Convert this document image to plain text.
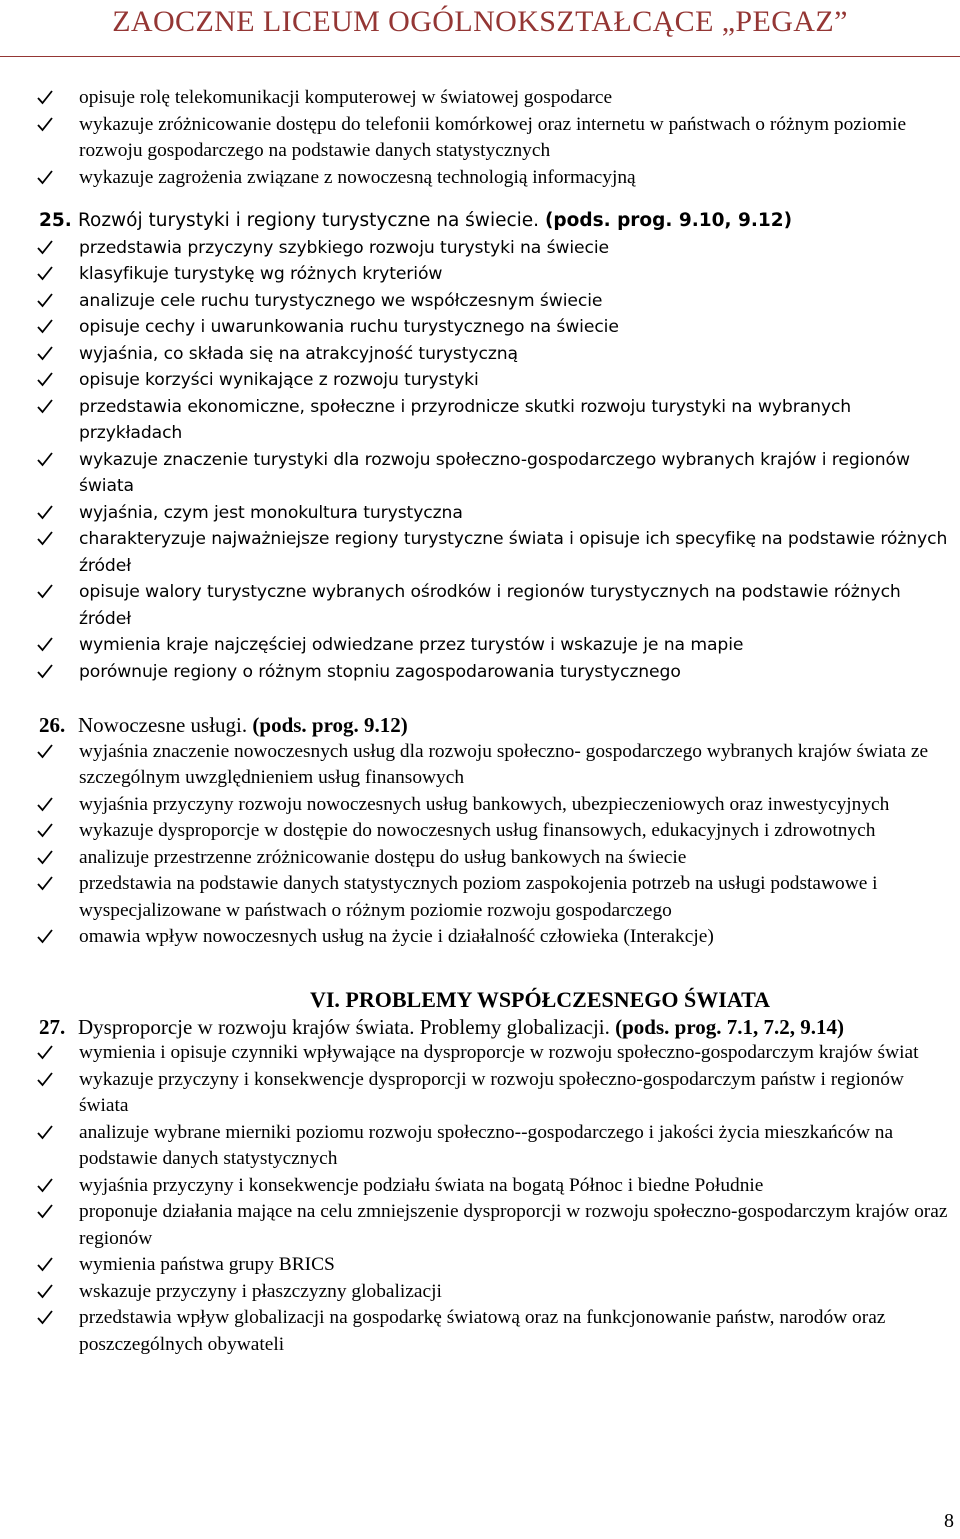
ZAOCZNE LICEUM OGÓLNOKSZTAŁCĄCE „PEGAZ”
opisuje rolę telekomunikacji komputerowej w światowej gospodarce
wykazuje zróżnicowanie dostępu do telefonii komórkowej oraz internetu w państwach o różnym poziomie rozwoju gospodarczego na podstawie danych statystycznych
wykazuje zagrożenia związane z nowoczesną technologią informacyjną
25. Rozwój turystyki i regiony turystyczne na świecie. (pods. prog. 9.10, 9.12)
przedstawia przyczyny szybkiego rozwoju turystyki na świecie
klasyfikuje turystykę wg różnych kryteriów
analizuje cele ruchu turystycznego we współczesnym świecie
opisuje cechy i uwarunkowania ruchu turystycznego na świecie
wyjaśnia, co składa się na atrakcyjność turystyczną
opisuje korzyści wynikające z rozwoju turystyki
przedstawia ekonomiczne, społeczne i przyrodnicze skutki rozwoju turystyki na wybranych przykładach
wykazuje znaczenie turystyki dla rozwoju społeczno-gospodarczego wybranych krajów i regionów świata
wyjaśnia, czym jest monokultura turystyczna
charakteryzuje najważniejsze regiony turystyczne świata i opisuje ich specyfikę na podstawie różnych źródeł
opisuje walory turystyczne wybranych ośrodków i regionów turystycznych na podstawie różnych źródeł
wymienia kraje najczęściej odwiedzane przez turystów i wskazuje je na mapie
porównuje regiony o różnym stopniu zagospodarowania turystycznego
26. Nowoczesne usługi. (pods. prog. 9.12)
wyjaśnia znaczenie nowoczesnych usług dla rozwoju społeczno- gospodarczego wybranych krajów świata ze szczególnym uwzględnieniem usług finansowych
wyjaśnia przyczyny rozwoju nowoczesnych usług bankowych, ubezpieczeniowych oraz inwestycyjnych
wykazuje dysproporcje w dostępie do nowoczesnych usług finansowych, edukacyjnych i zdrowotnych
analizuje przestrzenne zróżnicowanie dostępu do usług bankowych na świecie
przedstawia na podstawie danych statystycznych poziom zaspokojenia potrzeb na usługi podstawowe i wyspecjalizowane w państwach o różnym poziomie rozwoju gospodarczego
omawia wpływ nowoczesnych usług na życie i działalność człowieka (Interakcje)
VI. PROBLEMY WSPÓŁCZESNEGO ŚWIATA
27. Dysproporcje w rozwoju krajów świata. Problemy globalizacji. (pods. prog. 7.1, 7.2, 9.14)
wymienia i opisuje czynniki wpływające na dysproporcje w rozwoju społeczno-gospodarczym krajów świat
wykazuje przyczyny i konsekwencje dysproporcji w rozwoju społeczno-gospodarczym państw i regionów świata
analizuje wybrane mierniki poziomu rozwoju społeczno--gospodarczego i jakości życia mieszkańców na podstawie danych statystycznych
wyjaśnia przyczyny i konsekwencje podziału świata na bogatą Północ i biedne Południe
proponuje działania mające na celu zmniejszenie dysproporcji w rozwoju społeczno-gospodarczym krajów oraz regionów
wymienia państwa grupy BRICS
wskazuje przyczyny i płaszczyzny globalizacji
przedstawia wpływ globalizacji na gospodarkę światową oraz na funkcjonowanie państw, narodów oraz poszczególnych obywateli
8
